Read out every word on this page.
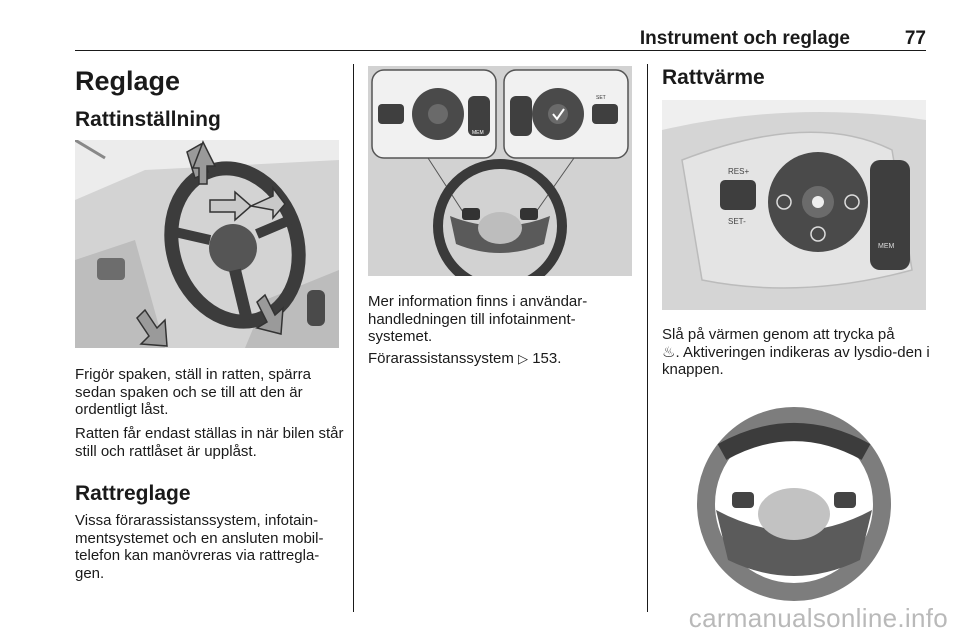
Instrument och reglage	77
Reglage
Rattinställning

Frigör spaken, ställ in ratten, spärra sedan spaken och se till att den är ordentligt låst.

Ratten får endast ställas in när bilen står still och rattlåset är upplåst.

Rattreglage

Vissa förarassistanssystem, infotain-mentsystemet och en ansluten mobil-telefon kan manövreras via rattregla-gen.

MEM
SET

Mer information finns i användar-handledningen till infotainment-systemet.

Förarassistanssystem ▷ 153.

Rattvärme
RES+
SET-
MEM

Slå på värmen genom att trycka på
♨. Aktiveringen indikeras av lysdio-den i knappen.

carmanualsonline.info
